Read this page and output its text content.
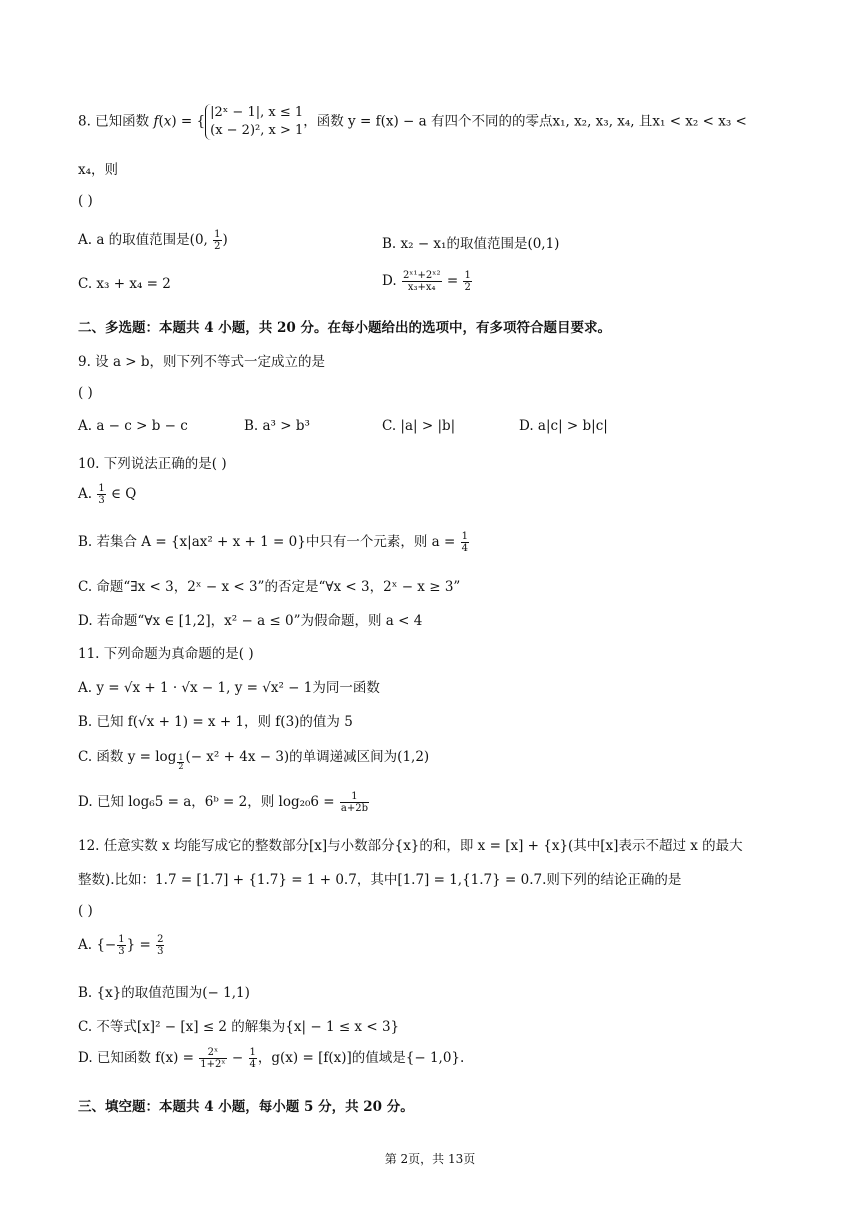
8. 已知函数 f(x) = {|2ˣ − 1|, x ≤ 1
(x − 2)², x > 1，函数 y = f(x) − a 有四个不同的的零点x₁, x₂, x₃, x₄, 且x₁ < x₂ < x₃ <
x₄，则
( )
A. a 的取值范围是(0, $\frac{1}{2}$ )	B. x₂ − x₁的取值范围是(0,1)
C. x₃ + x₄ = 2	D. $\frac{\text{2ˣ¹+2ˣ²}}{\text{x₃+x₄}} = \frac{1}{2}$
二、多选题：本题共 4 小题，共 20 分。在每小题给出的选项中，有多项符合题目要求。
9. 设 a > b，则下列不等式一定成立的是
( )
A. a − c > b − c	B. a³ > b³	C. |a| > |b|	D. a|c| > b|c|
10. 下列说法正确的是( )
A. $\frac{1}{3}$ ∈ Q
B. 若集合 A = {x|ax² + x + 1 = 0}中只有一个元素，则 $a = \frac{1}{4}$
C. 命题“∃x < 3，2ˣ − x < 3”的否定是“∀x < 3，2ˣ − x ≥ 3”
D. 若命题“∀x ∈ [1,2]，x² − a ≤ 0”为假命题，则 a < 4
11. 下列命题为真命题的是( )
A. y = √x + 1 · √x − 1, y = √x² − 1为同一函数
B. 已知 f(√x + 1) = x + 1，则 f(3)的值为 5
C. 函数 $y = \log \frac{1}{2}$ (− x² + 4x − 3)的单调递减区间为(1,2)
D. 已知 log₆5 = a，6ᵇ = 2，则 $\log_{20}6 = \frac{1}{a+2b}$
12. 任意实数 x 均能写成它的整数部分[x]与小数部分{x}的和，即 x = [x] + {x}(其中[x]表示不超过 x 的最大
整数).比如：1.7 = [1.7] + {1.7} = 1 + 0.7，其中[1.7] = 1,{1.7} = 0.7.则下列的结论正确的是
( )
A. {− $\frac{1}{3}$ } = $\frac{2}{3}$
B. {x}的取值范围为(− 1,1)
C. 不等式[x]² − [x] ≤ 2 的解集为{x| − 1 ≤ x < 3}
D. 已知函数 $f(x) = \frac{\text{2ˣ}}{\text{1+2ˣ}} - \frac{1}{4}$ ，g(x) = [f(x)]的值域是{− 1,0}.
三、填空题：本题共 4 小题，每小题 5 分，共 20 分。
第 2页，共 13页
